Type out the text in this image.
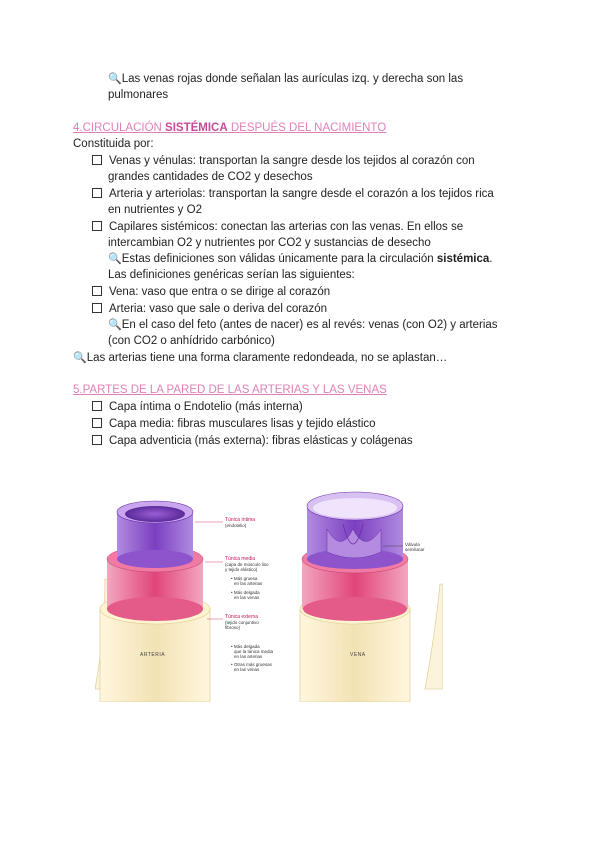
🔍Las venas rojas donde señalan las aurículas izq. y derecha son las
pulmonares
4.CIRCULACIÓN SISTÉMICA DESPUÉS DEL NACIMIENTO
Constituida por:
Venas y vénulas: transportan la sangre desde los tejidos al corazón con
grandes cantidades de CO2 y desechos
Arteria y arteriolas: transportan la sangre desde el corazón a los tejidos rica
en nutrientes y O2
Capilares sistémicos: conectan las arterias con las venas. En ellos se
intercambian O2 y nutrientes por CO2 y sustancias de desecho
🔍Estas definiciones son válidas únicamente para la circulación sistémica.
Las definiciones genéricas serían las siguientes:
Vena: vaso que entra o se dirige al corazón
Arteria: vaso que sale o deriva del corazón
🔍En el caso del feto (antes de nacer) es al revés: venas (con O2) y arterias
(con CO2 o anhídrido carbónico)
🔍Las arterias tiene una forma claramente redondeada, no se aplastan…
5.PARTES DE LA PARED DE LAS ARTERIAS Y LAS VENAS
Capa íntima o Endotelio (más interna)
Capa media: fibras musculares lisas y tejido elástico
Capa adventicia (más externa): fibras elásticas y colágenas
ARTERIA	VENA
Túnica íntima
(endotelio)
Túnica media
(capa de músculo liso
y tejido elástico)
• Más gruesa
en las arterias
• Más delgada
en las venas
Túnica externa
(tejido conjuntivo
fibroso)
• Más delgada
que la túnica media
en las arterias
• Otras más gruesas
en las venas
Válvula
semilunar
